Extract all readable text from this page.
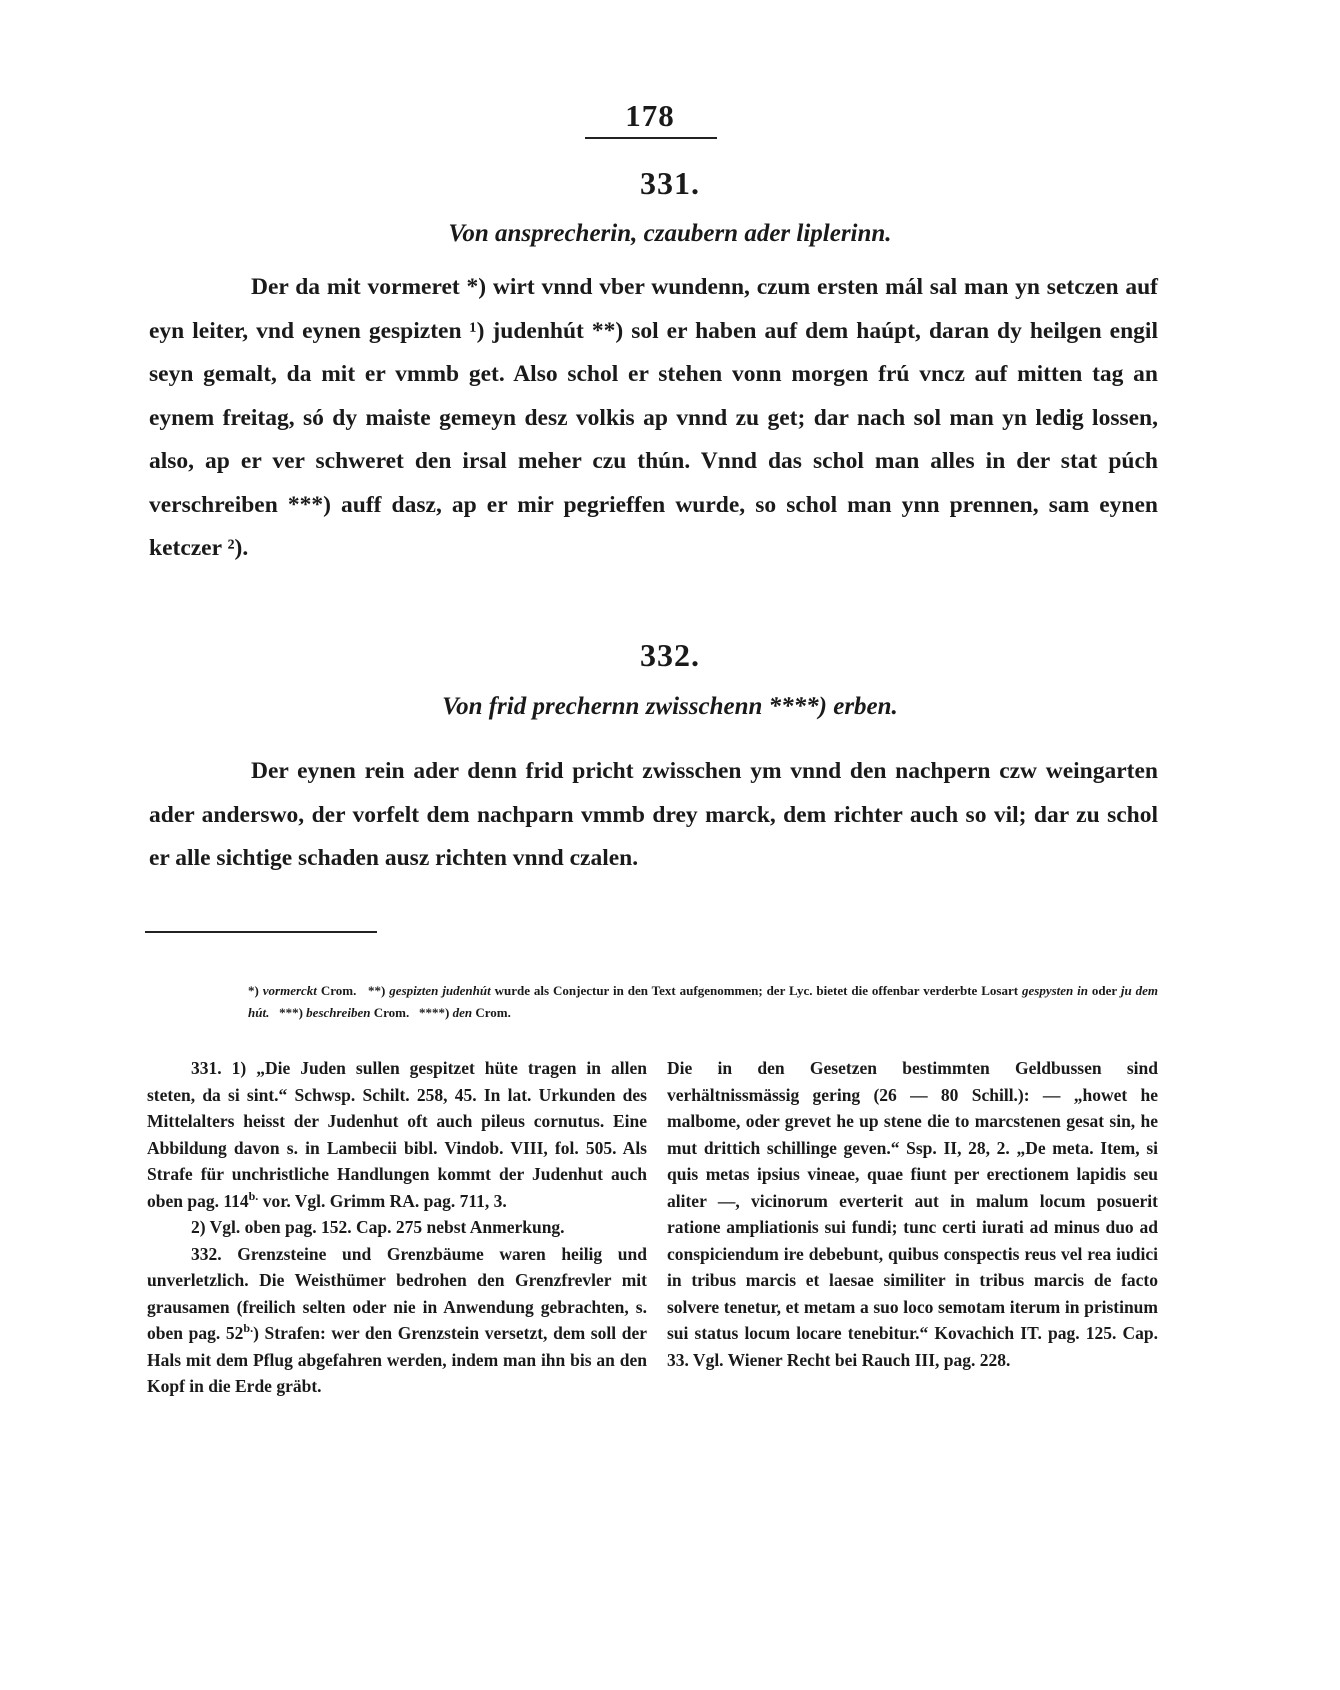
178
331.
Von ansprecherin, czaubern ader liplerinn.

Der da mit vormeret *) wirt vnnd vber wundenn, czum ersten mál sal man yn setczen auf eyn leiter, vnd eynen gespizten ¹) judenhút **) sol er haben auf dem haúpt, daran dy heilgen engil seyn gemalt, da mit er vmmb get. Also schol er stehen vonn morgen frú vncz auf mitten tag an eynem freitag, só dy maiste gemeyn desz volkis ap vnnd zu get; dar nach sol man yn ledig lossen, also, ap er ver schweret den irsal meher czu thún. Vnnd das schol man alles in der stat púch verschreiben ***) auff dasz, ap er mir pegrieffen wurde, so schol man ynn prennen, sam eynen ketczer ²).

332.
Von frid prechernn zwisschenn ****) erben.

Der eynen rein ader denn frid pricht zwisschen ym vnnd den nachpern czw weingarten ader anderswo, der vorfelt dem nachparn vmmb drey marck, dem richter auch so vil; dar zu schol er alle sichtige schaden ausz richten vnnd czalen.

*) vormerckt Crom. **) gespizten judenhút wurde als Conjectur in den Text aufgenommen; der Lyc. bietet die offenbar verderbte Losart gespysten in oder ju dem hút. ***) beschreiben Crom. ****) den Crom.

331. 1) „Die Juden sullen gespitzet hüte tragen in allen steten, da si sint.“ Schwsp. Schilt. 258, 45. In lat. Urkunden des Mittelalters heisst der Judenhut oft auch pileus cornutus. Eine Abbildung davon s. in Lambecii bibl. Vindob. VIII, fol. 505. Als Strafe für unchristliche Handlungen kommt der Judenhut auch oben pag. $114^{b.}$ vor. Vgl. Grimm RA. pag. 711, 3.

2) Vgl. oben pag. 152. Cap. 275 nebst Anmerkung.

332. Grenzsteine und Grenzbäume waren heilig und unverletzlich. Die Weisthümer bedrohen den Grenzfrevler mit grausamen (freilich selten oder nie in Anwendung gebrachten, s. oben pag. $52^{b.}$) Strafen: wer den Grenzstein versetzt, dem soll der Hals mit dem Pflug abgefahren werden, indem man ihn bis an den Kopf in die Erde gräbt.

Die in den Gesetzen bestimmten Geldbussen sind verhältnissmässig gering (26 — 80 Schill.): — „howet he malbome, oder grevet he up stene die to marcstenen gesat sin, he mut drittich schillinge geven.“ Ssp. II, 28, 2. „De meta. Item, si quis metas ipsius vineae, quae fiunt per erectionem lapidis seu aliter —, vicinorum everterit aut in malum locum posuerit ratione ampliationis sui fundi; tunc certi iurati ad minus duo ad conspiciendum ire debebunt, quibus conspectis reus vel rea iudici in tribus marcis et laesae similiter in tribus marcis de facto solvere tenetur, et metam a suo loco semotam iterum in pristinum sui status locum locare tenebitur.“ Kovachich IT. pag. 125. Cap. 33. Vgl. Wiener Recht bei Rauch III, pag. 228.
